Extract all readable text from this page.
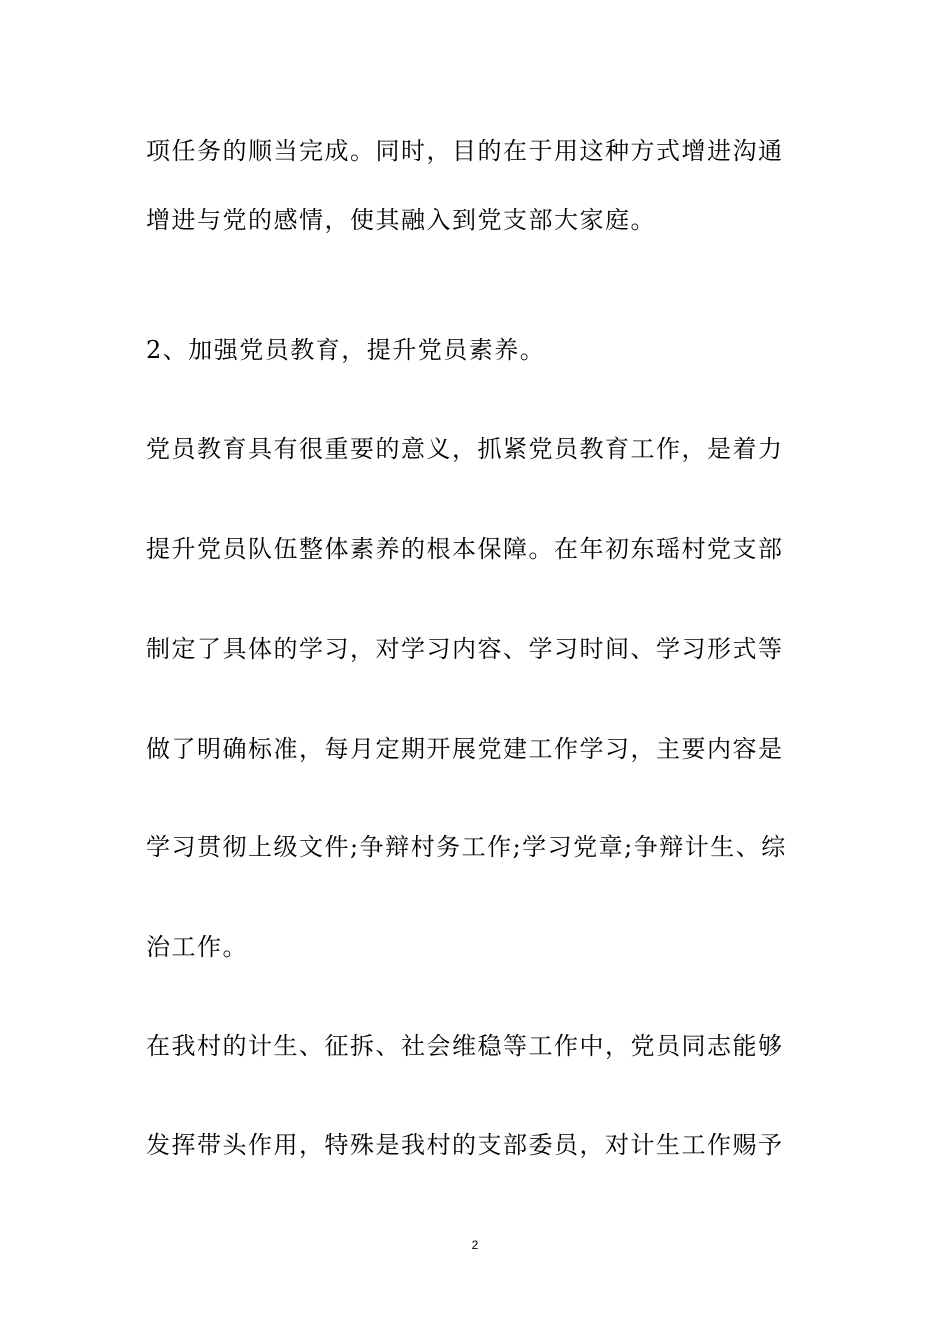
项任务的顺当完成。同时，目的在于用这种方式增进沟通
增进与党的感情，使其融入到党支部大家庭。
2、加强党员教育，提升党员素养。
党员教育具有很重要的意义，抓紧党员教育工作，是着力
提升党员队伍整体素养的根本保障。在年初东瑶村党支部
制定了具体的学习，对学习内容、学习时间、学习形式等
做了明确标准，每月定期开展党建工作学习，主要内容是
学习贯彻上级文件;争辩村务工作;学习党章;争辩计生、综
治工作。
在我村的计生、征拆、社会维稳等工作中，党员同志能够
发挥带头作用，特殊是我村的支部委员，对计生工作赐予
2
